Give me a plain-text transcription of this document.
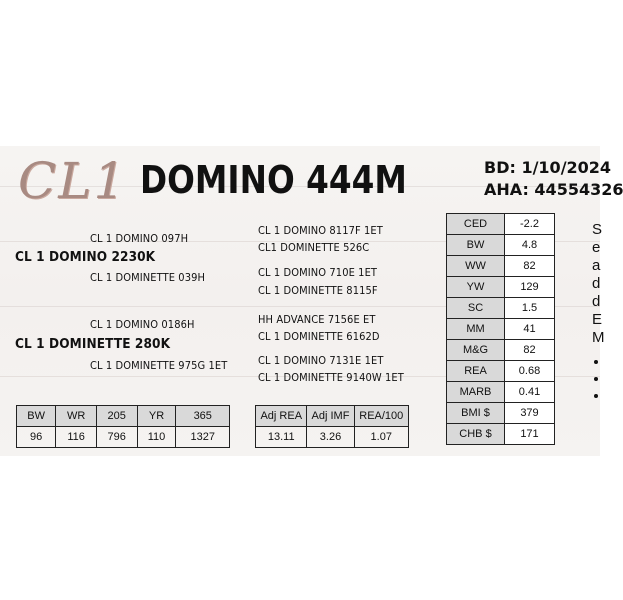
CL1 DOMINO 444M	BD: 1/10/2024
AHA: 44554326
CL 1 DOMINO 097H
CL 1 DOMINO 2230K
CL 1 DOMINETTE 039H
CL 1 DOMINO 8117F 1ET
CL1 DOMINETTE 526C
CL 1 DOMINO 710E 1ET
CL 1 DOMINETTE 8115F
CL 1 DOMINO 0186H
CL 1 DOMINETTE 280K
CL 1 DOMINETTE 975G 1ET
HH ADVANCE 7156E ET
CL 1 DOMINETTE 6162D
CL 1 DOMINO 7131E 1ET
CL 1 DOMINETTE 9140W 1ET
BW	WR	205	YR	365
96	116	796	110	1327
Adj REA	Adj IMF	REA/100
13.11	3.26	1.07
CED	-2.2
BW	4.8
WW	82
YW	129
SC	1.5
MM	41
M&G	82
REA	0.68
MARB	0.41
BMI $	379
CHB $	171
S
e
a
d
d
E
M
